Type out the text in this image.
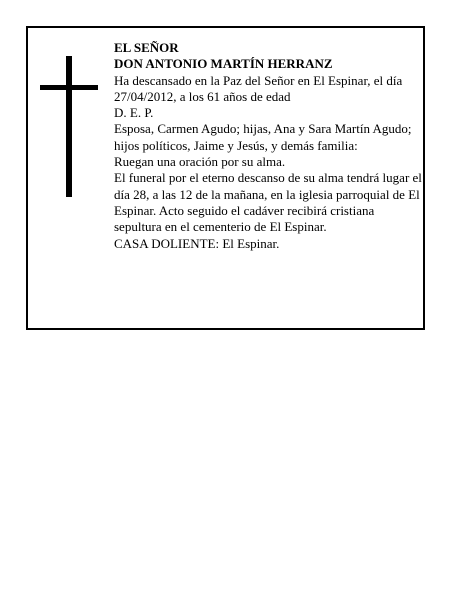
EL SEÑOR
DON ANTONIO MARTÍN HERRANZ
Ha descansado en la Paz del Señor en El Espinar, el día 27/04/2012, a los 61 años de edad
D. E. P.
Esposa, Carmen Agudo; hijas, Ana y Sara Martín Agudo; hijos políticos, Jaime y Jesús, y demás familia:
Ruegan una oración por su alma.
El funeral por el eterno descanso de su alma tendrá lugar el día 28, a las 12 de la mañana, en la iglesia parroquial de El Espinar. Acto seguido el cadáver recibirá cristiana sepultura en el cementerio de El Espinar.
CASA DOLIENTE: El Espinar.
